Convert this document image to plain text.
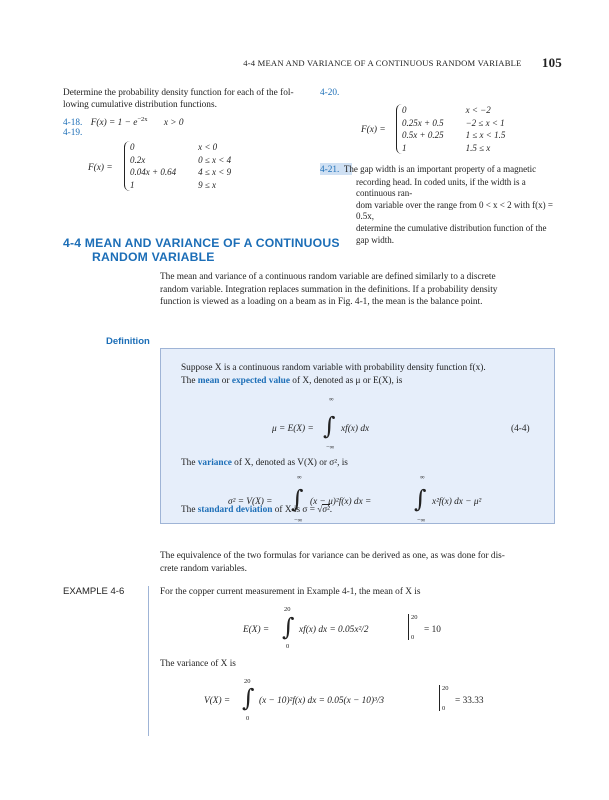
4-4 MEAN AND VARIANCE OF A CONTINUOUS RANDOM VARIABLE 105
Determine the probability density function for each of the fol-
lowing cumulative distribution functions.
4-18. $F(x) = 1 - e^{-2x}$ x > 0
4-19.
F(x) =
0	x < 0
0.2x	0 ≤ x < 4
0.04x + 0.64	4 ≤ x < 9
1	9 ≤ x
4-20.
F(x) =
0	x < −2
0.25x + 0.5	−2 ≤ x < 1
0.5x + 0.25	1 ≤ x < 1.5
1	1.5 ≤ x
4-21. The gap width is an important property of a magnetic
recording head. In coded units, if the width is a continuous ran-
dom variable over the range from 0 < x < 2 with f(x) = 0.5x,
determine the cumulative distribution function of the gap width.
4-4 MEAN AND VARIANCE OF A CONTINUOUS
RANDOM VARIABLE
The mean and variance of a continuous random variable are defined similarly to a discrete
random variable. Integration replaces summation in the definitions. If a probability density
function is viewed as a loading on a beam as in Fig. 4-1, the mean is the balance point.
Definition
Suppose X is a continuous random variable with probability density function f(x).
The mean or expected value of X, denoted as μ or E(X), is
∞
μ = E(X) = ∫ xf(x) dx
−∞
(4-4)
The variance of X, denoted as V(X) or σ², is
∞	∞
σ² = V(X) = ∫ (x − μ)²f(x) dx = ∫ x²f(x) dx − μ²
−∞	−∞
The standard deviation of X is σ = √σ².
The equivalence of the two formulas for variance can be derived as one, as was done for dis-
crete random variables.
EXAMPLE 4-6	For the copper current measurement in Example 4-1, the mean of X is
20
E(X) = ∫ xf(x) dx = 0.05x²/2
20
0
= 10
0
The variance of X is
20
V(X) = ∫ (x − 10)²f(x) dx = 0.05(x − 10)³/3
20
0
= 33.33
0
